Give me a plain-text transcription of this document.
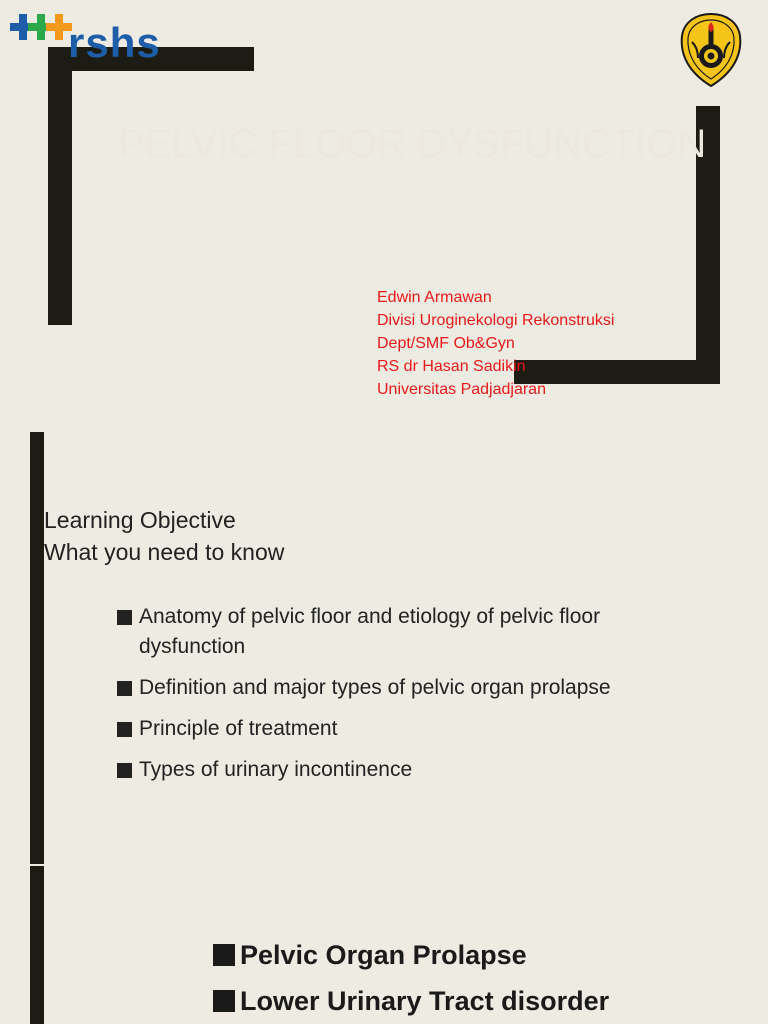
rshs
PELVIC FLOOR DYSFUNCTION
Edwin Armawan
Divisi Uroginekologi Rekonstruksi
Dept/SMF Ob&Gyn
RS dr Hasan Sadikin
Universitas Padjadjaran
Learning Objective
What you need to know
Anatomy of pelvic floor and etiology of pelvic floor dysfunction
Definition and major types of pelvic organ prolapse
Principle of treatment
Types of urinary incontinence
Pelvic Organ Prolapse
Lower Urinary Tract disorder
